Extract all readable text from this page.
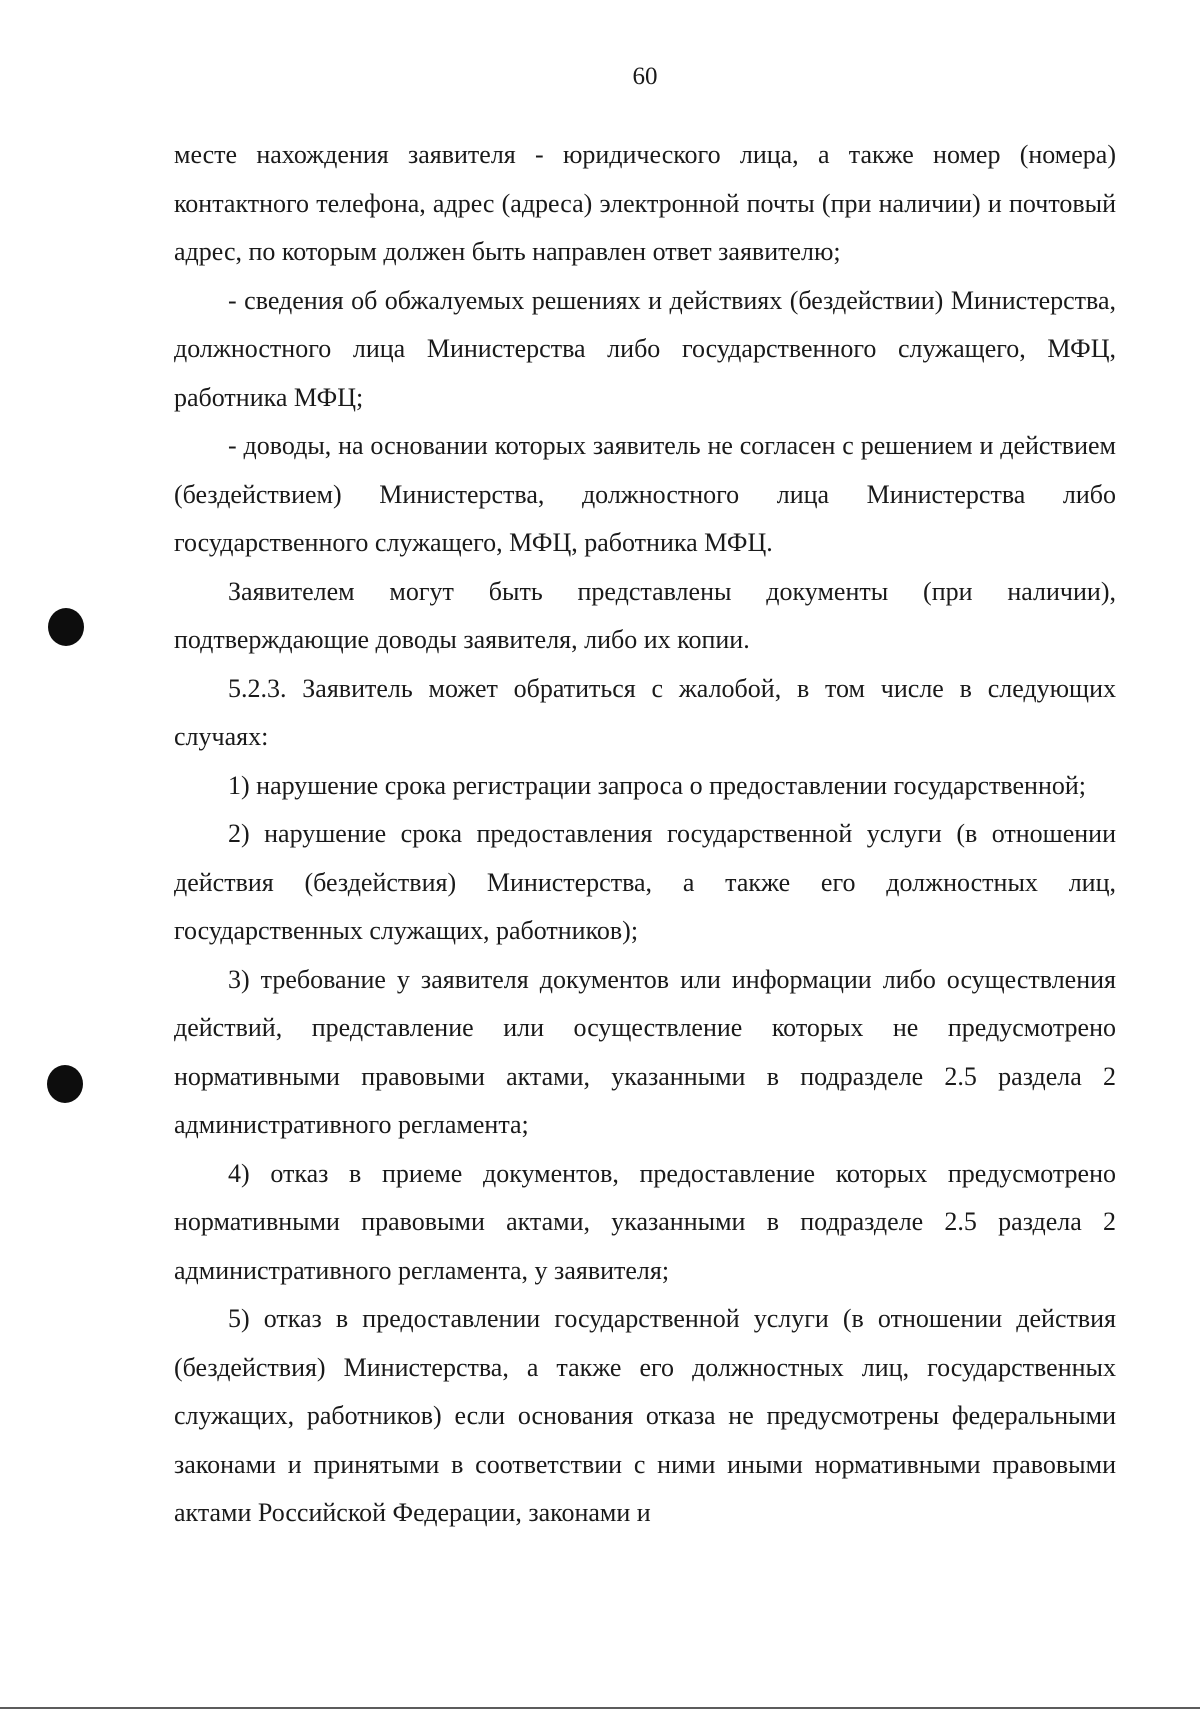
60

месте нахождения заявителя - юридического лица, а также номер (номера) контактного телефона, адрес (адреса) электронной почты (при наличии) и почтовый адрес, по которым должен быть направлен ответ заявителю;

- сведения об обжалуемых решениях и действиях (бездействии) Министерства, должностного лица Министерства либо государственного служащего, МФЦ, работника МФЦ;

- доводы, на основании которых заявитель не согласен с решением и действием (бездействием) Министерства, должностного лица Министерства либо государственного служащего, МФЦ, работника МФЦ.

Заявителем могут быть представлены документы (при наличии), подтверждающие доводы заявителя, либо их копии.

5.2.3. Заявитель может обратиться с жалобой, в том числе в следующих случаях:

1) нарушение срока регистрации запроса о предоставлении государственной;

2) нарушение срока предоставления государственной услуги (в отношении действия (бездействия) Министерства, а также его должностных лиц, государственных служащих, работников);

3) требование у заявителя документов или информации либо осуществления действий, представление или осуществление которых не предусмотрено нормативными правовыми актами, указанными в подразделе 2.5 раздела 2 административного регламента;

4) отказ в приеме документов, предоставление которых предусмотрено нормативными правовыми актами, указанными в подразделе 2.5 раздела 2 административного регламента, у заявителя;

5) отказ в предоставлении государственной услуги (в отношении действия (бездействия) Министерства, а также его должностных лиц, государственных служащих, работников) если основания отказа не предусмотрены федеральными законами и принятыми в соответствии с ними иными нормативными правовыми актами Российской Федерации, законами и
